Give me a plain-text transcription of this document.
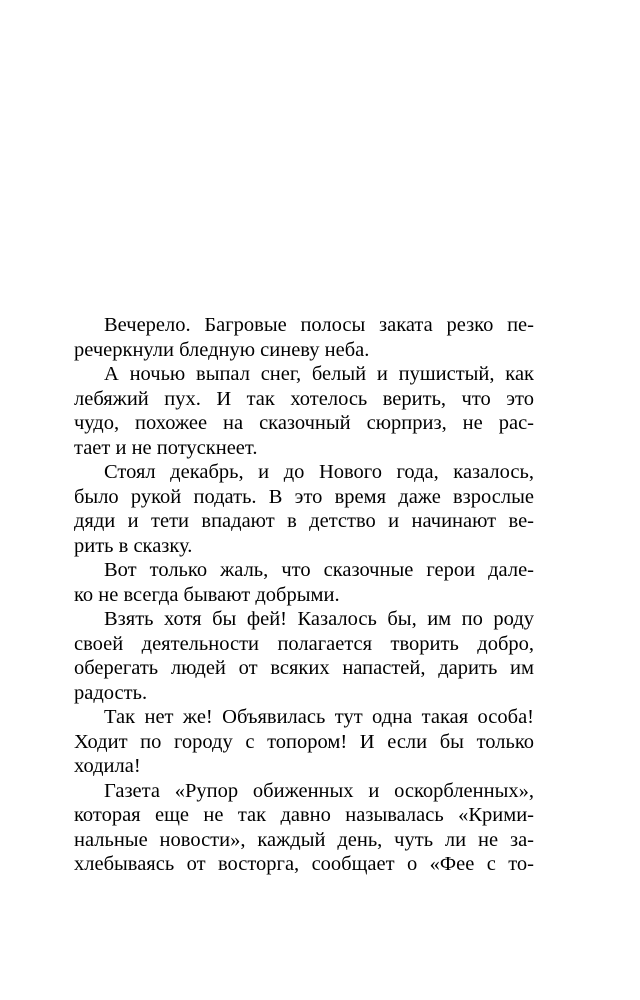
Вечерело. Багровые полосы заката резко пе-
речеркнули бледную синеву неба.
А ночью выпал снег, белый и пушистый, как
лебяжий пух. И так хотелось верить, что это
чудо, похожее на сказочный сюрприз, не рас-
тает и не потускнеет.
Стоял декабрь, и до Нового года, казалось,
было рукой подать. В это время даже взрослые
дяди и тети впадают в детство и начинают ве-
рить в сказку.
Вот только жаль, что сказочные герои дале-
ко не всегда бывают добрыми.
Взять хотя бы фей! Казалось бы, им по роду
своей деятельности полагается творить добро,
оберегать людей от всяких напастей, дарить им
радость.
Так нет же! Объявилась тут одна такая особа!
Ходит по городу с топором! И если бы только
ходила!
Газета «Рупор обиженных и оскорбленных»,
которая еще не так давно называлась «Крими-
нальные новости», каждый день, чуть ли не за-
хлебываясь от восторга, сообщает о «Фее с то-
